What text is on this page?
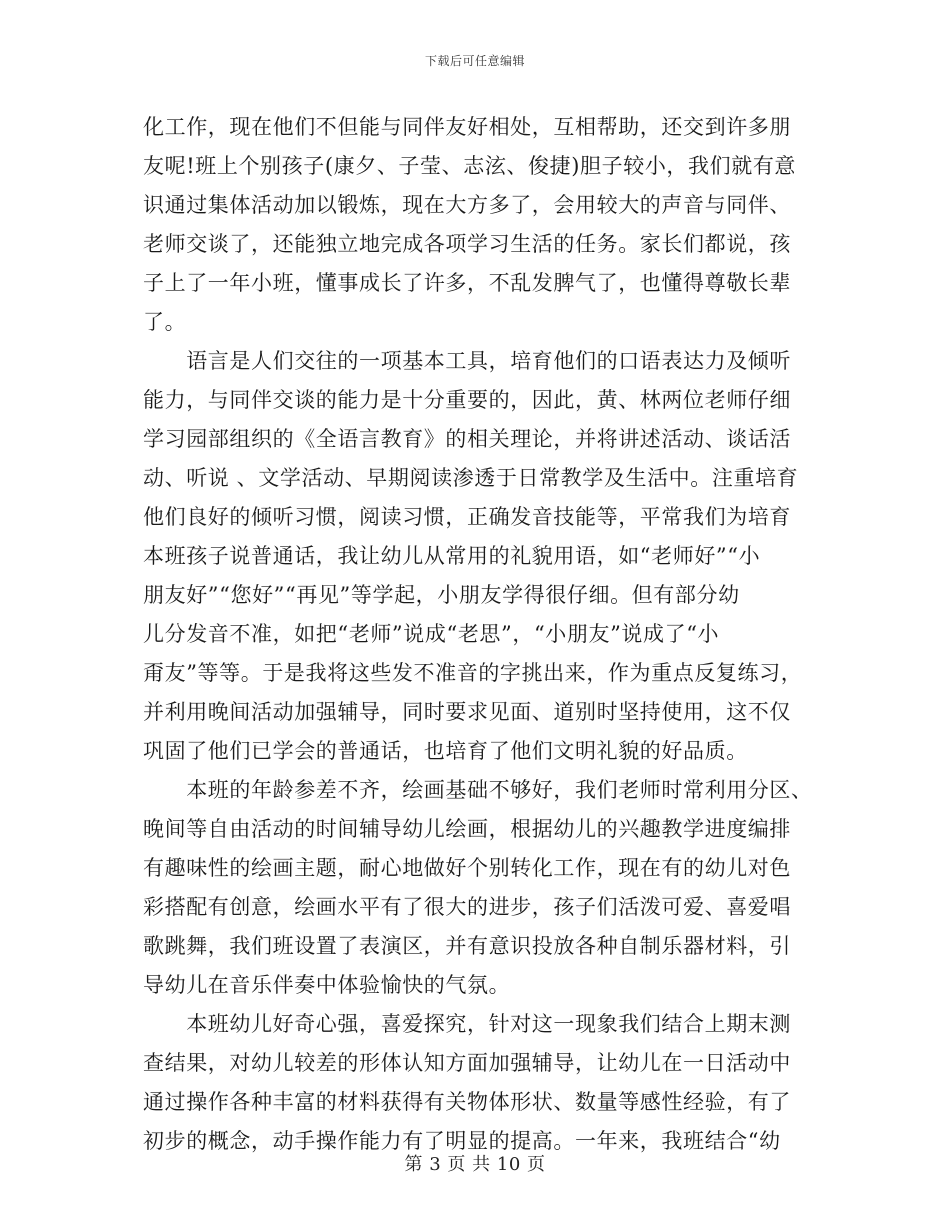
下载后可任意编辑
化工作，现在他们不但能与同伴友好相处，互相帮助，还交到许多朋
友呢!班上个别孩子(康夕、子莹、志泫、俊捷)胆子较小，我们就有意
识通过集体活动加以锻炼，现在大方多了，会用较大的声音与同伴、
老师交谈了，还能独立地完成各项学习生活的任务。家长们都说，孩
子上了一年小班，懂事成长了许多，不乱发脾气了，也懂得尊敬长辈
了。
　　语言是人们交往的一项基本工具，培育他们的口语表达力及倾听
能力，与同伴交谈的能力是十分重要的，因此，黄、林两位老师仔细
学习园部组织的《全语言教育》的相关理论，并将讲述活动、谈话活
动、听说 、文学活动、早期阅读渗透于日常教学及生活中。注重培育
他们良好的倾听习惯，阅读习惯，正确发音技能等，平常我们为培育
本班孩子说普通话，我让幼儿从常用的礼貌用语，如“老师好”“小
朋友好”“您好”“再见”等学起，小朋友学得很仔细。但有部分幼
儿分发音不准，如把“老师”说成“老思”，“小朋友”说成了“小
甭友”等等。于是我将这些发不准音的字挑出来，作为重点反复练习，
并利用晚间活动加强辅导，同时要求见面、道别时坚持使用，这不仅
巩固了他们已学会的普通话，也培育了他们文明礼貌的好品质。
　　本班的年龄参差不齐，绘画基础不够好，我们老师时常利用分区、
晚间等自由活动的时间辅导幼儿绘画，根据幼儿的兴趣教学进度编排
有趣味性的绘画主题，耐心地做好个别转化工作，现在有的幼儿对色
彩搭配有创意，绘画水平有了很大的进步，孩子们活泼可爱、喜爱唱
歌跳舞，我们班设置了表演区，并有意识投放各种自制乐器材料，引
导幼儿在音乐伴奏中体验愉快的气氛。
　　本班幼儿好奇心强，喜爱探究，针对这一现象我们结合上期末测
查结果，对幼儿较差的形体认知方面加强辅导，让幼儿在一日活动中
通过操作各种丰富的材料获得有关物体形状、数量等感性经验，有了
初步的概念，动手操作能力有了明显的提高。一年来，我班结合“幼
第 3 页 共 10 页
